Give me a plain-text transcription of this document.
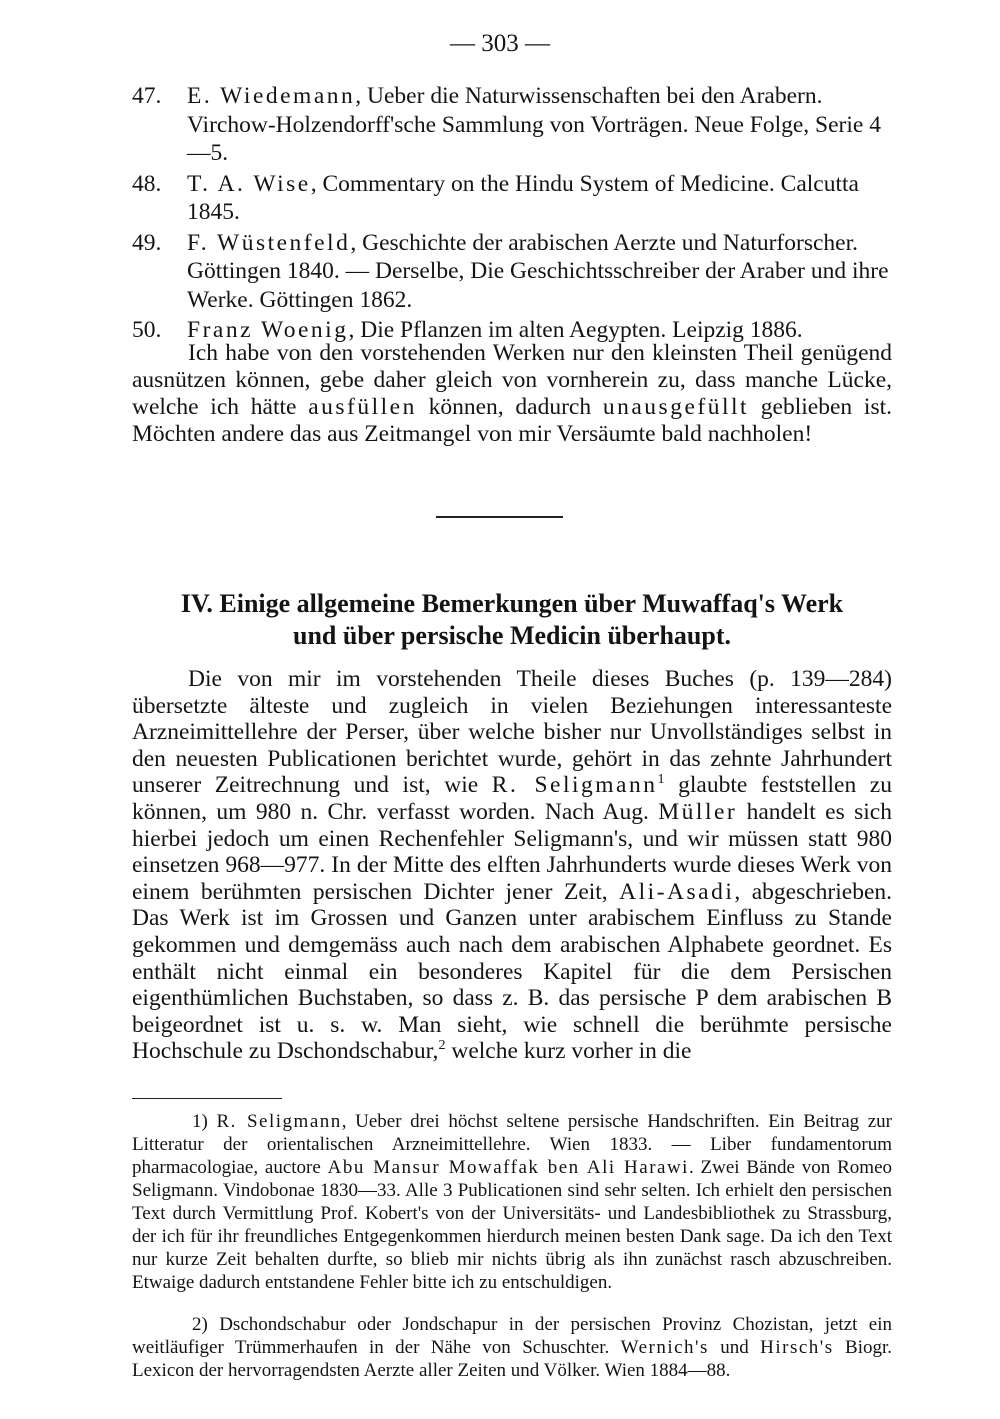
— 303 —
47.	E. Wiedemann, Ueber die Naturwissenschaften bei den Arabern. Virchow-Holzendorff'sche Sammlung von Vorträgen. Neue Folge, Serie 4—5.
48.	T. A. Wise, Commentary on the Hindu System of Medicine. Calcutta 1845.
49.	F. Wüstenfeld, Geschichte der arabischen Aerzte und Naturforscher. Göttingen 1840. — Derselbe, Die Geschichtsschreiber der Araber und ihre Werke. Göttingen 1862.
50.	Franz Woenig, Die Pflanzen im alten Aegypten. Leipzig 1886.

Ich habe von den vorstehenden Werken nur den kleinsten Theil genügend ausnützen können, gebe daher gleich von vornherein zu, dass manche Lücke, welche ich hätte ausfüllen können, dadurch unausgefüllt geblieben ist. Möchten andere das aus Zeitmangel von mir Versäumte bald nachholen!

IV. Einige allgemeine Bemerkungen über Muwaffaq's Werk
und über persische Medicin überhaupt.

Die von mir im vorstehenden Theile dieses Buches (p. 139—284) übersetzte älteste und zugleich in vielen Beziehungen interessanteste Arzneimittellehre der Perser, über welche bisher nur Unvollständiges selbst in den neuesten Publicationen berichtet wurde, gehört in das zehnte Jahrhundert unserer Zeitrechnung und ist, wie R. Seligmann$^1$ glaubte feststellen zu können, um 980 n. Chr. verfasst worden. Nach Aug. Müller handelt es sich hierbei jedoch um einen Rechenfehler Seligmann's, und wir müssen statt 980 einsetzen 968—977. In der Mitte des elften Jahrhunderts wurde dieses Werk von einem berühmten persischen Dichter jener Zeit, Ali-Asadi, abgeschrieben. Das Werk ist im Grossen und Ganzen unter arabischem Einfluss zu Stande gekommen und demgemäss auch nach dem arabischen Alphabete geordnet. Es enthält nicht einmal ein besonderes Kapitel für die dem Persischen eigenthümlichen Buchstaben, so dass z. B. das persische P dem arabischen B beigeordnet ist u. s. w. Man sieht, wie schnell die berühmte persische Hochschule zu Dschondschabur,$^2$ welche kurz vorher in die

1) R. Seligmann, Ueber drei höchst seltene persische Handschriften. Ein Beitrag zur Litteratur der orientalischen Arzneimittellehre. Wien 1833. — Liber fundamentorum pharmacologiae, auctore Abu Mansur Mowaffak ben Ali Harawi. Zwei Bände von Romeo Seligmann. Vindobonae 1830—33. Alle 3 Publicationen sind sehr selten. Ich erhielt den persischen Text durch Vermittlung Prof. Kobert's von der Universitäts- und Landesbibliothek zu Strassburg, der ich für ihr freundliches Entgegenkommen hierdurch meinen besten Dank sage. Da ich den Text nur kurze Zeit behalten durfte, so blieb mir nichts übrig als ihn zunächst rasch abzuschreiben. Etwaige dadurch entstandene Fehler bitte ich zu entschuldigen.

2) Dschondschabur oder Jondschapur in der persischen Provinz Chozistan, jetzt ein weitläufiger Trümmerhaufen in der Nähe von Schuschter. Wernich's und Hirsch's Biogr. Lexicon der hervorragendsten Aerzte aller Zeiten und Völker. Wien 1884—88.
